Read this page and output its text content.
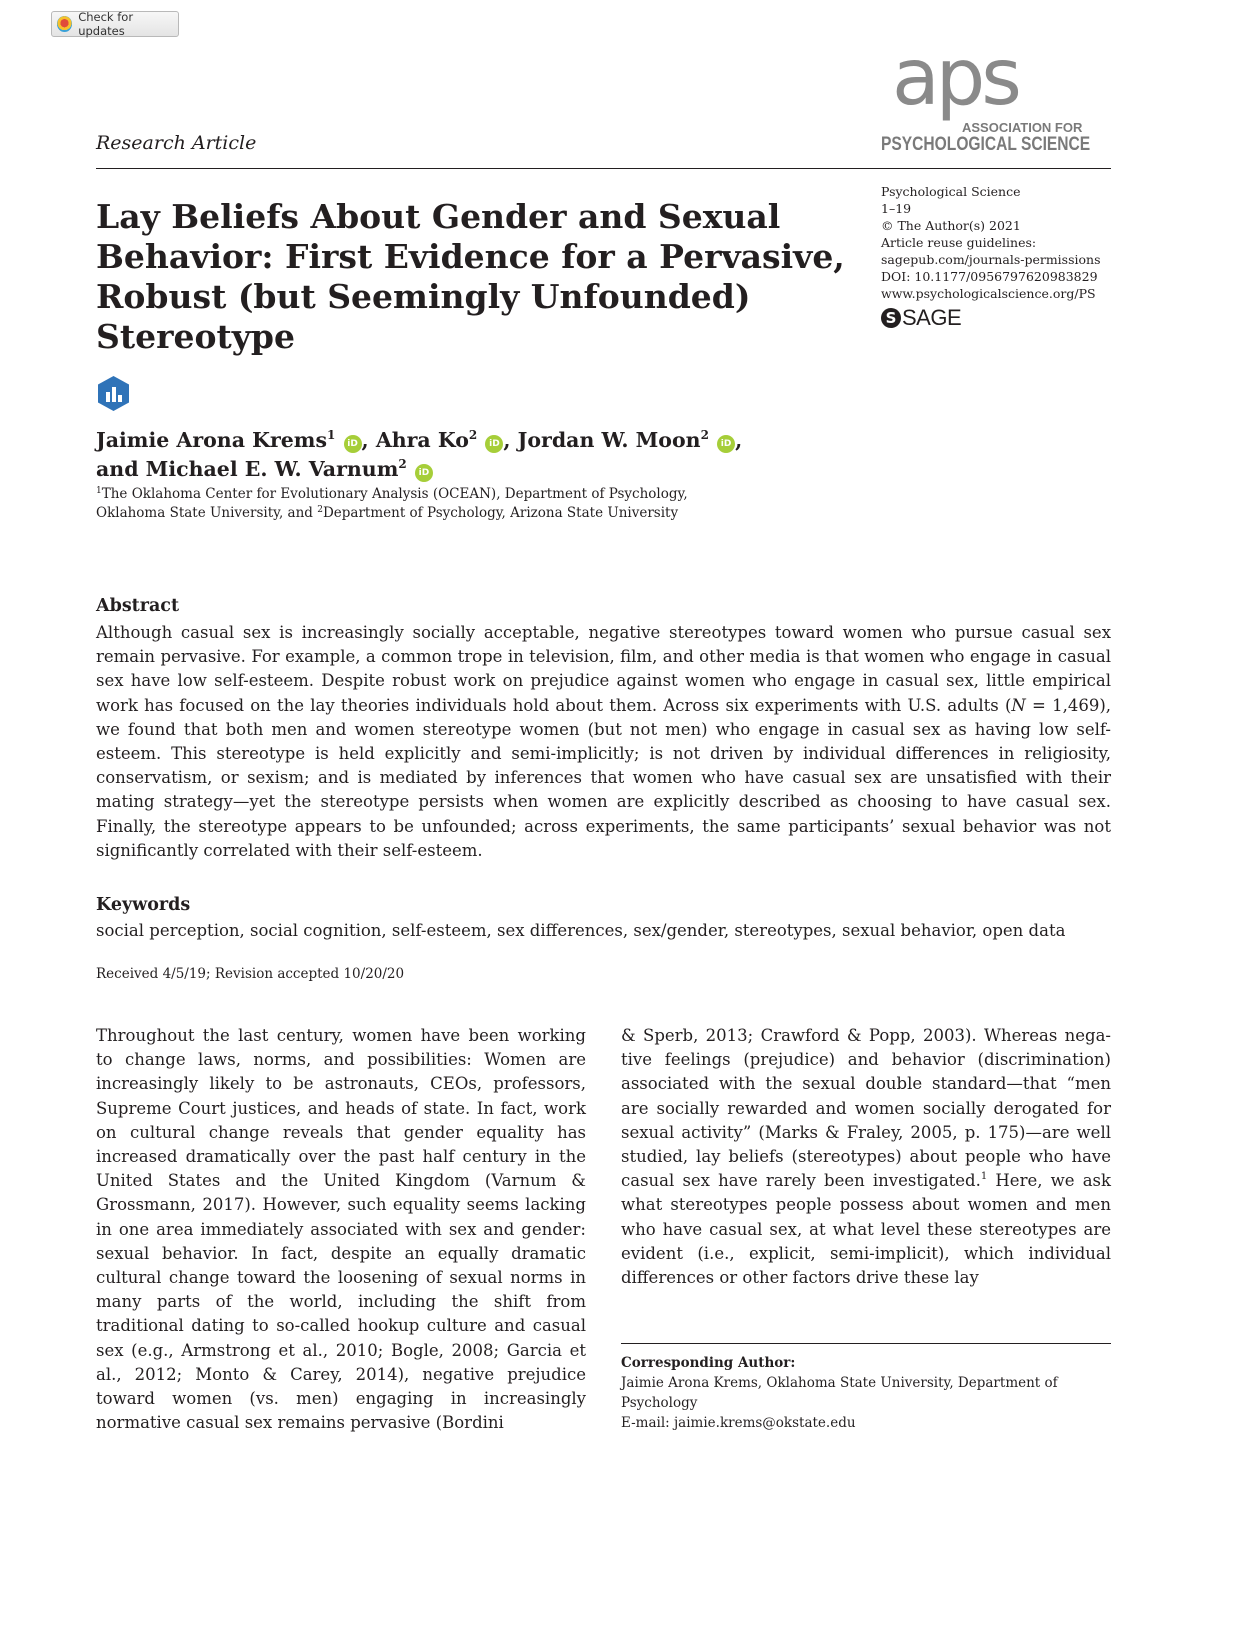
Check for updates
aps
ASSOCIATION FOR
PSYCHOLOGICAL SCIENCE
Research Article
Lay Beliefs About Gender and Sexual Behavior: First Evidence for a Pervasive, Robust (but Seemingly Unfounded) Stereotype
Psychological Science
1–19
© The Author(s) 2021
Article reuse guidelines:
sagepub.com/journals-permissions
DOI: 10.1177/0956797620983829
www.psychologicalscience.org/PS
S SAGE
Jaimie Arona Krems$^1$ iD , Ahra Ko$^2$ iD , Jordan W. Moon$^2$ iD ,
and Michael E. W. Varnum$^2$ iD
$^1$The Oklahoma Center for Evolutionary Analysis (OCEAN), Department of Psychology,
Oklahoma State University, and $^2$Department of Psychology, Arizona State University
Abstract

Although casual sex is increasingly socially acceptable, negative stereotypes toward women who pursue casual sex remain pervasive. For example, a common trope in television, film, and other media is that women who engage in casual sex have low self-esteem. Despite robust work on prejudice against women who engage in casual sex, little empirical work has focused on the lay theories individuals hold about them. Across six experiments with U.S. adults (N = 1,469), we found that both men and women stereotype women (but not men) who engage in casual sex as having low self-esteem. This stereotype is held explicitly and semi-implicitly; is not driven by individual differences in religiosity, conservatism, or sexism; and is mediated by inferences that women who have casual sex are unsatisfied with their mating strategy—yet the stereotype persists when women are explicitly described as choosing to have casual sex. Finally, the stereotype appears to be unfounded; across experiments, the same participants’ sexual behavior was not significantly correlated with their self-esteem.

Keywords
social perception, social cognition, self-esteem, sex differences, sex/gender, stereotypes, sexual behavior, open data
Received 4/5/19; Revision accepted 10/20/20

Throughout the last century, women have been working to change laws, norms, and possibilities: Women are increasingly likely to be astronauts, CEOs, professors, Supreme Court justices, and heads of state. In fact, work on cultural change reveals that gender equality has increased dramatically over the past half century in the United States and the United Kingdom (Varnum & Grossmann, 2017). However, such equality seems lacking in one area immediately associated with sex and gender: sexual behavior. In fact, despite an equally dramatic cultural change toward the loosening of sexual norms in many parts of the world, including the shift from traditional dating to so-called hookup culture and casual sex (e.g., Armstrong et al., 2010; Bogle, 2008; Garcia et al., 2012; Monto & Carey, 2014), negative prejudice toward women (vs. men) engaging in increasingly normative casual sex remains pervasive (Bordini

& Sperb, 2013; Crawford & Popp, 2003). Whereas negative feelings (prejudice) and behavior (discrimination) associated with the sexual double standard—that “men are socially rewarded and women socially derogated for sexual activity” (Marks & Fraley, 2005, p. 175)—are well studied, lay beliefs (stereotypes) about people who have casual sex have rarely been investigated.$^1$ Here, we ask what stereotypes people possess about women and men who have casual sex, at what level these stereotypes are evident (i.e., explicit, semi-implicit), which individual differences or other factors drive these lay

Corresponding Author:
Jaimie Arona Krems, Oklahoma State University, Department of Psychology
E-mail: jaimie.krems@okstate.edu
